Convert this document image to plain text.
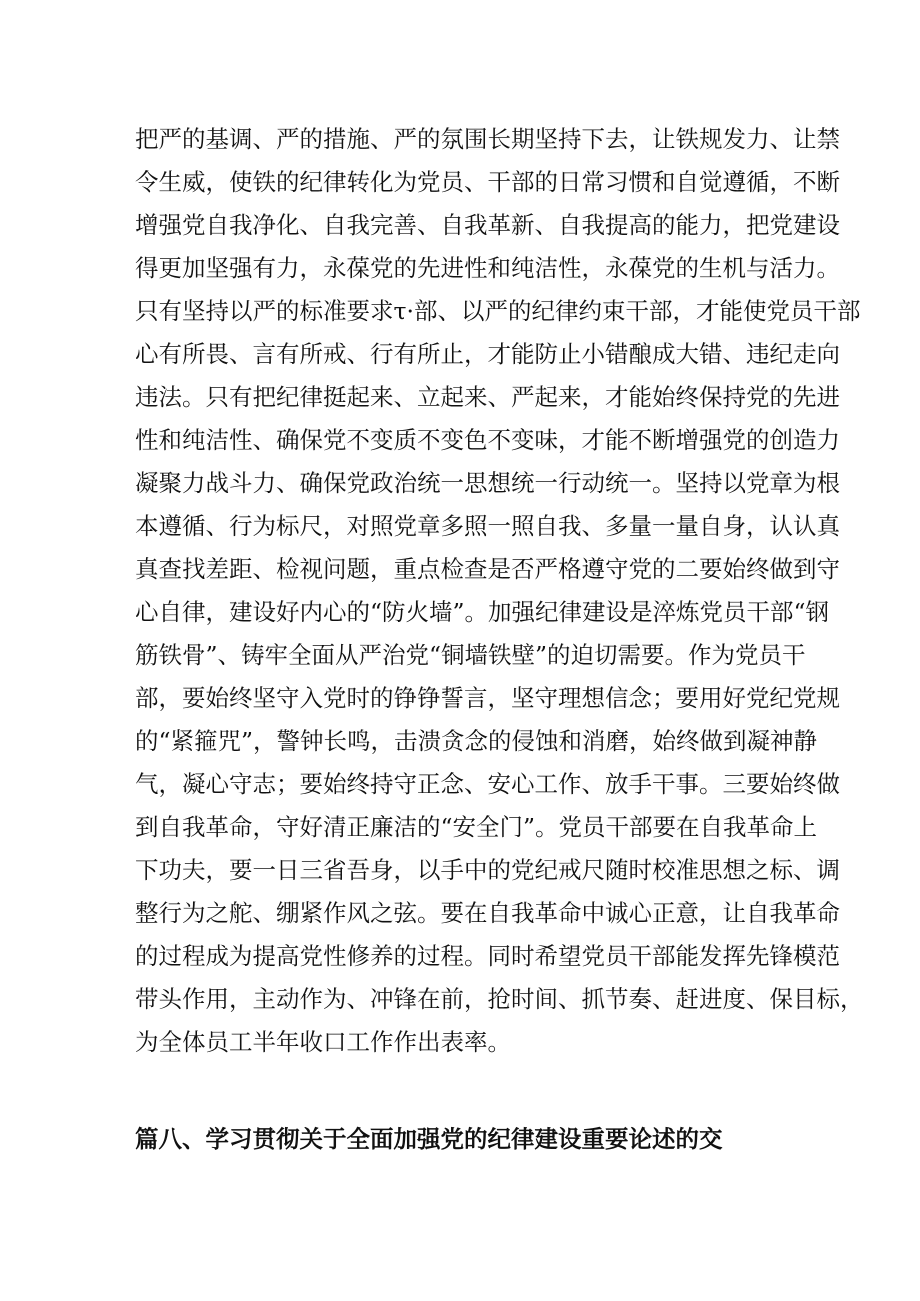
把严的基调、严的措施、严的氛围长期坚持下去，让铁规发力、让禁
令生威，使铁的纪律转化为党员、干部的日常习惯和自觉遵循，不断
增强党自我净化、自我完善、自我革新、自我提高的能力，把党建设
得更加坚强有力，永葆党的先进性和纯洁性，永葆党的生机与活力。
只有坚持以严的标准要求τ·部、以严的纪律约束干部，才能使党员干部
心有所畏、言有所戒、行有所止，才能防止小错酿成大错、违纪走向
违法。只有把纪律挺起来、立起来、严起来，才能始终保持党的先进
性和纯洁性、确保党不变质不变色不变味，才能不断增强党的创造力
凝聚力战斗力、确保党政治统一思想统一行动统一。坚持以党章为根
本遵循、行为标尺，对照党章多照一照自我、多量一量自身，认认真
真查找差距、检视问题，重点检查是否严格遵守党的二要始终做到守
心自律，建设好内心的“防火墙”。加强纪律建设是淬炼党员干部“钢
筋铁骨”、铸牢全面从严治党“铜墙铁壁”的迫切需要。作为党员干
部，要始终坚守入党时的铮铮誓言，坚守理想信念；要用好党纪党规
的“紧箍咒”，警钟长鸣，击溃贪念的侵蚀和消磨，始终做到凝神静
气，凝心守志；要始终持守正念、安心工作、放手干事。三要始终做
到自我革命，守好清正廉洁的“安全门”。党员干部要在自我革命上
下功夫，要一日三省吾身，以手中的党纪戒尺随时校准思想之标、调
整行为之舵、绷紧作风之弦。要在自我革命中诚心正意，让自我革命
的过程成为提高党性修养的过程。同时希望党员干部能发挥先锋模范
带头作用，主动作为、冲锋在前，抢时间、抓节奏、赶进度、保目标，
为全体员工半年收口工作作出表率。
篇八、学习贯彻关于全面加强党的纪律建设重要论述的交
